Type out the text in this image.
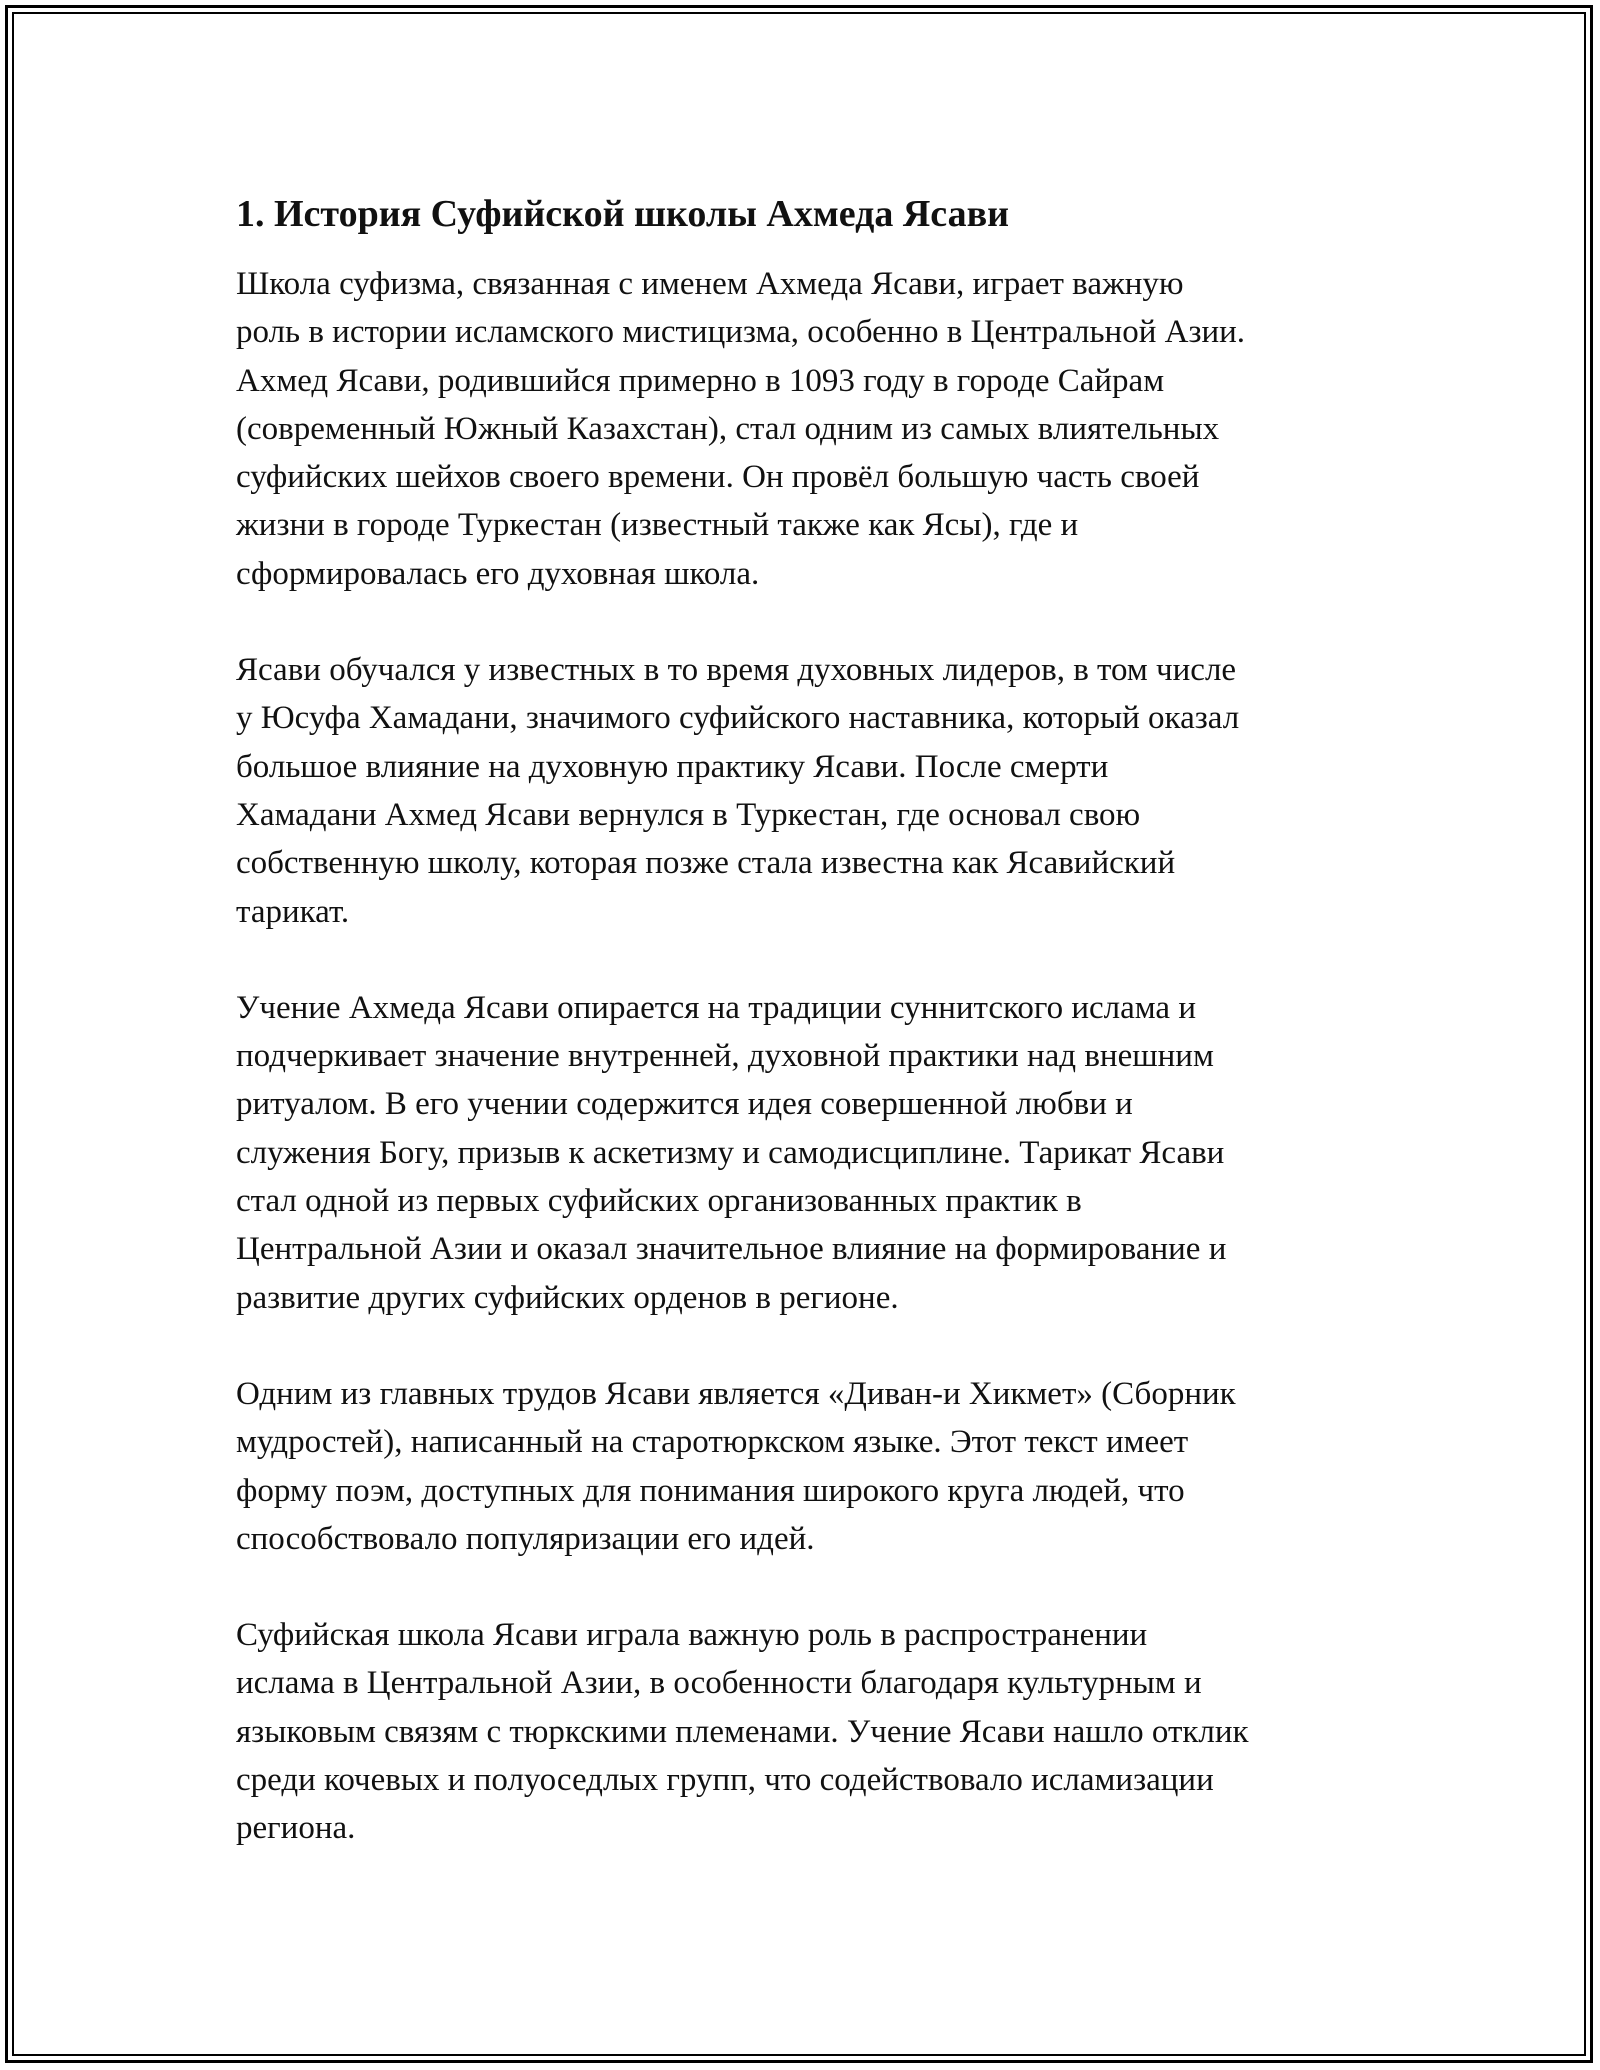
1. История Суфийской школы Ахмеда Ясави

Школа суфизма, связанная с именем Ахмеда Ясави, играет важную
роль в истории исламского мистицизма, особенно в Центральной Азии.
Ахмед Ясави, родившийся примерно в 1093 году в городе Сайрам
(современный Южный Казахстан), стал одним из самых влиятельных
суфийских шейхов своего времени. Он провёл большую часть своей
жизни в городе Туркестан (известный также как Ясы), где и
сформировалась его духовная школа.

Ясави обучался у известных в то время духовных лидеров, в том числе
у Юсуфа Хамадани, значимого суфийского наставника, который оказал
большое влияние на духовную практику Ясави. После смерти
Хамадани Ахмед Ясави вернулся в Туркестан, где основал свою
собственную школу, которая позже стала известна как Ясавийский
тарикат.

Учение Ахмеда Ясави опирается на традиции суннитского ислама и
подчеркивает значение внутренней, духовной практики над внешним
ритуалом. В его учении содержится идея совершенной любви и
служения Богу, призыв к аскетизму и самодисциплине. Тарикат Ясави
стал одной из первых суфийских организованных практик в
Центральной Азии и оказал значительное влияние на формирование и
развитие других суфийских орденов в регионе.

Одним из главных трудов Ясави является «Диван-и Хикмет» (Сборник
мудростей), написанный на старотюркском языке. Этот текст имеет
форму поэм, доступных для понимания широкого круга людей, что
способствовало популяризации его идей.

Суфийская школа Ясави играла важную роль в распространении
ислама в Центральной Азии, в особенности благодаря культурным и
языковым связям с тюркскими племенами. Учение Ясави нашло отклик
среди кочевых и полуоседлых групп, что содействовало исламизации
региона.
